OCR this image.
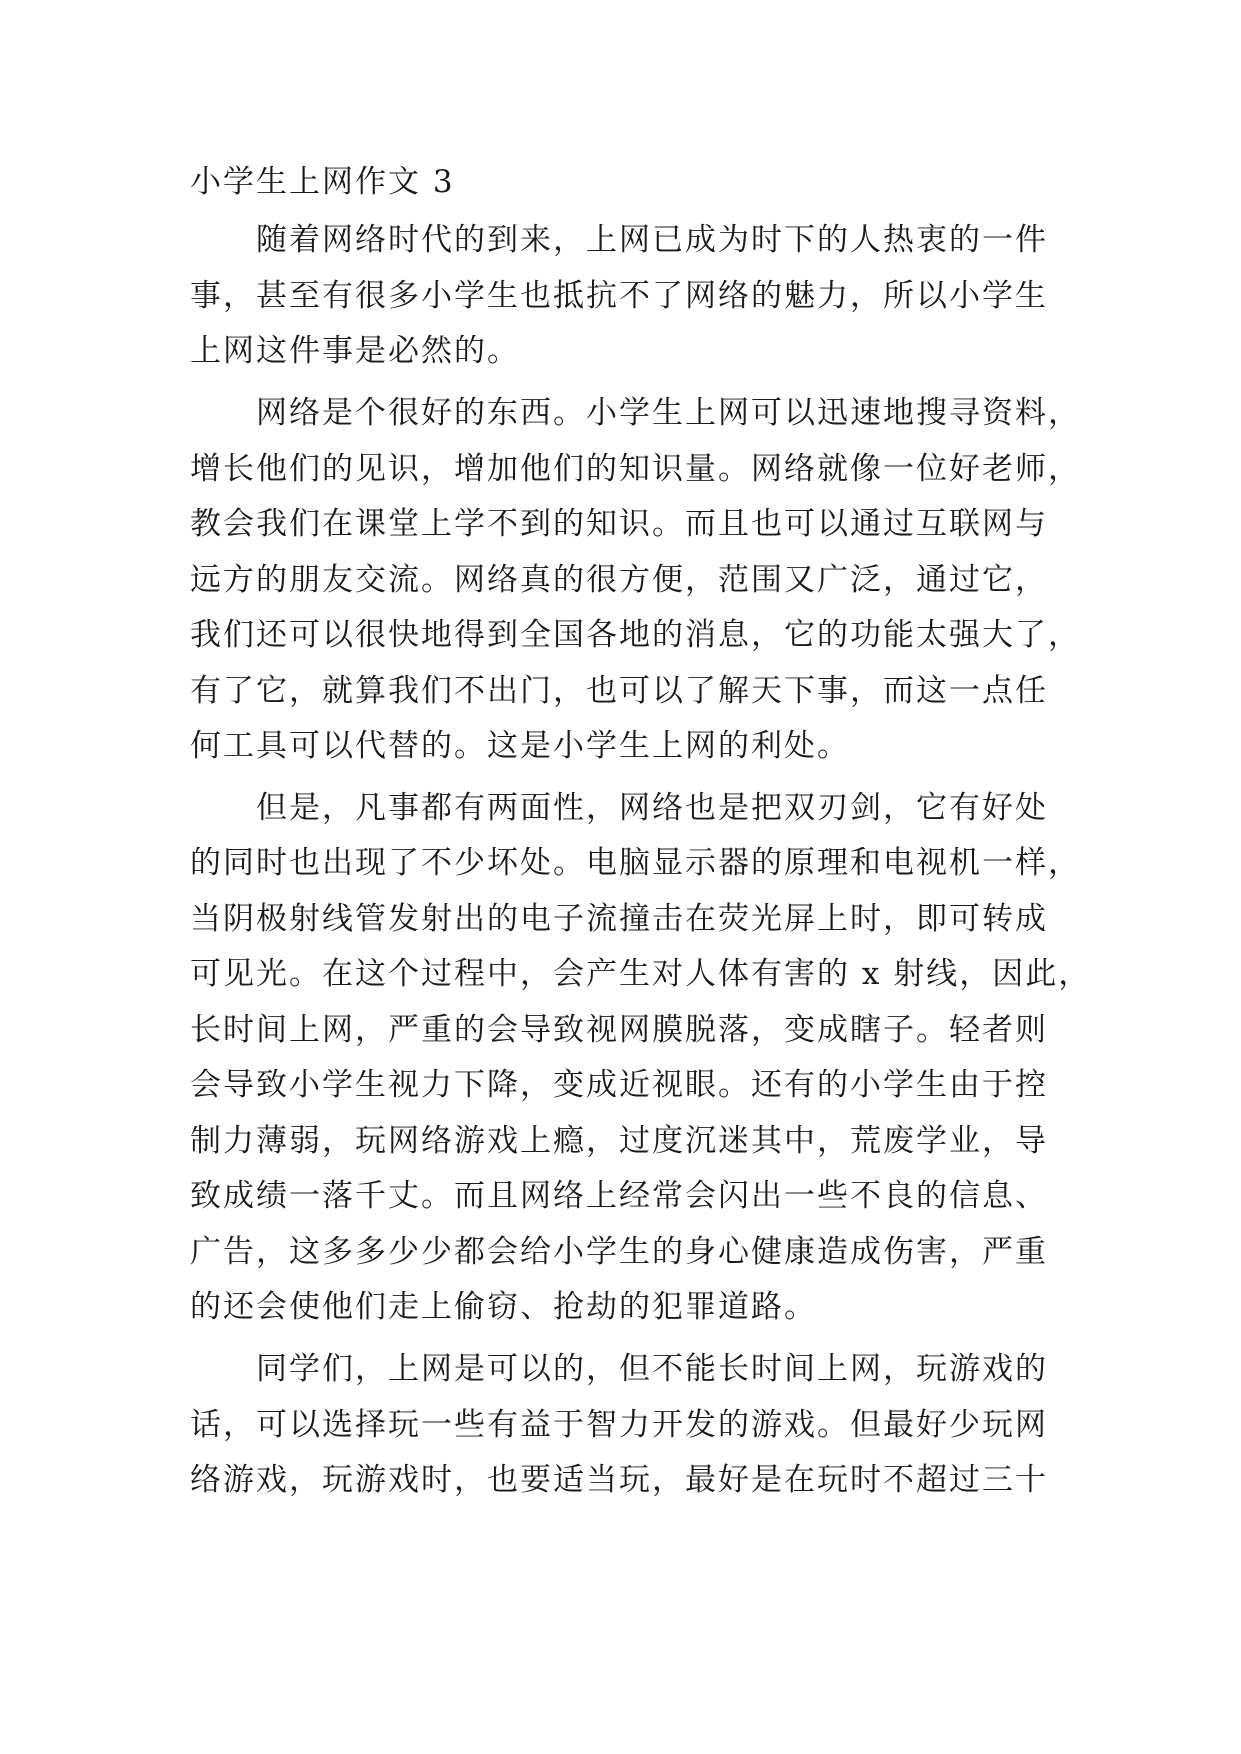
小学生上网作文 3
　　随着网络时代的到来，上网已成为时下的人热衷的一件
事，甚至有很多小学生也抵抗不了网络的魅力，所以小学生
上网这件事是必然的。
　　网络是个很好的东西。小学生上网可以迅速地搜寻资料，
增长他们的见识，增加他们的知识量。网络就像一位好老师，
教会我们在课堂上学不到的知识。而且也可以通过互联网与
远方的朋友交流。网络真的很方便，范围又广泛，通过它，
我们还可以很快地得到全国各地的消息，它的功能太强大了，
有了它，就算我们不出门，也可以了解天下事，而这一点任
何工具可以代替的。这是小学生上网的利处。
　　但是，凡事都有两面性，网络也是把双刃剑，它有好处
的同时也出现了不少坏处。电脑显示器的原理和电视机一样，
当阴极射线管发射出的电子流撞击在荧光屏上时，即可转成
可见光。在这个过程中，会产生对人体有害的 x 射线，因此，
长时间上网，严重的会导致视网膜脱落，变成瞎子。轻者则
会导致小学生视力下降，变成近视眼。还有的小学生由于控
制力薄弱，玩网络游戏上瘾，过度沉迷其中，荒废学业，导
致成绩一落千丈。而且网络上经常会闪出一些不良的信息、
广告，这多多少少都会给小学生的身心健康造成伤害，严重
的还会使他们走上偷窃、抢劫的犯罪道路。
　　同学们，上网是可以的，但不能长时间上网，玩游戏的
话，可以选择玩一些有益于智力开发的游戏。但最好少玩网
络游戏，玩游戏时，也要适当玩，最好是在玩时不超过三十
